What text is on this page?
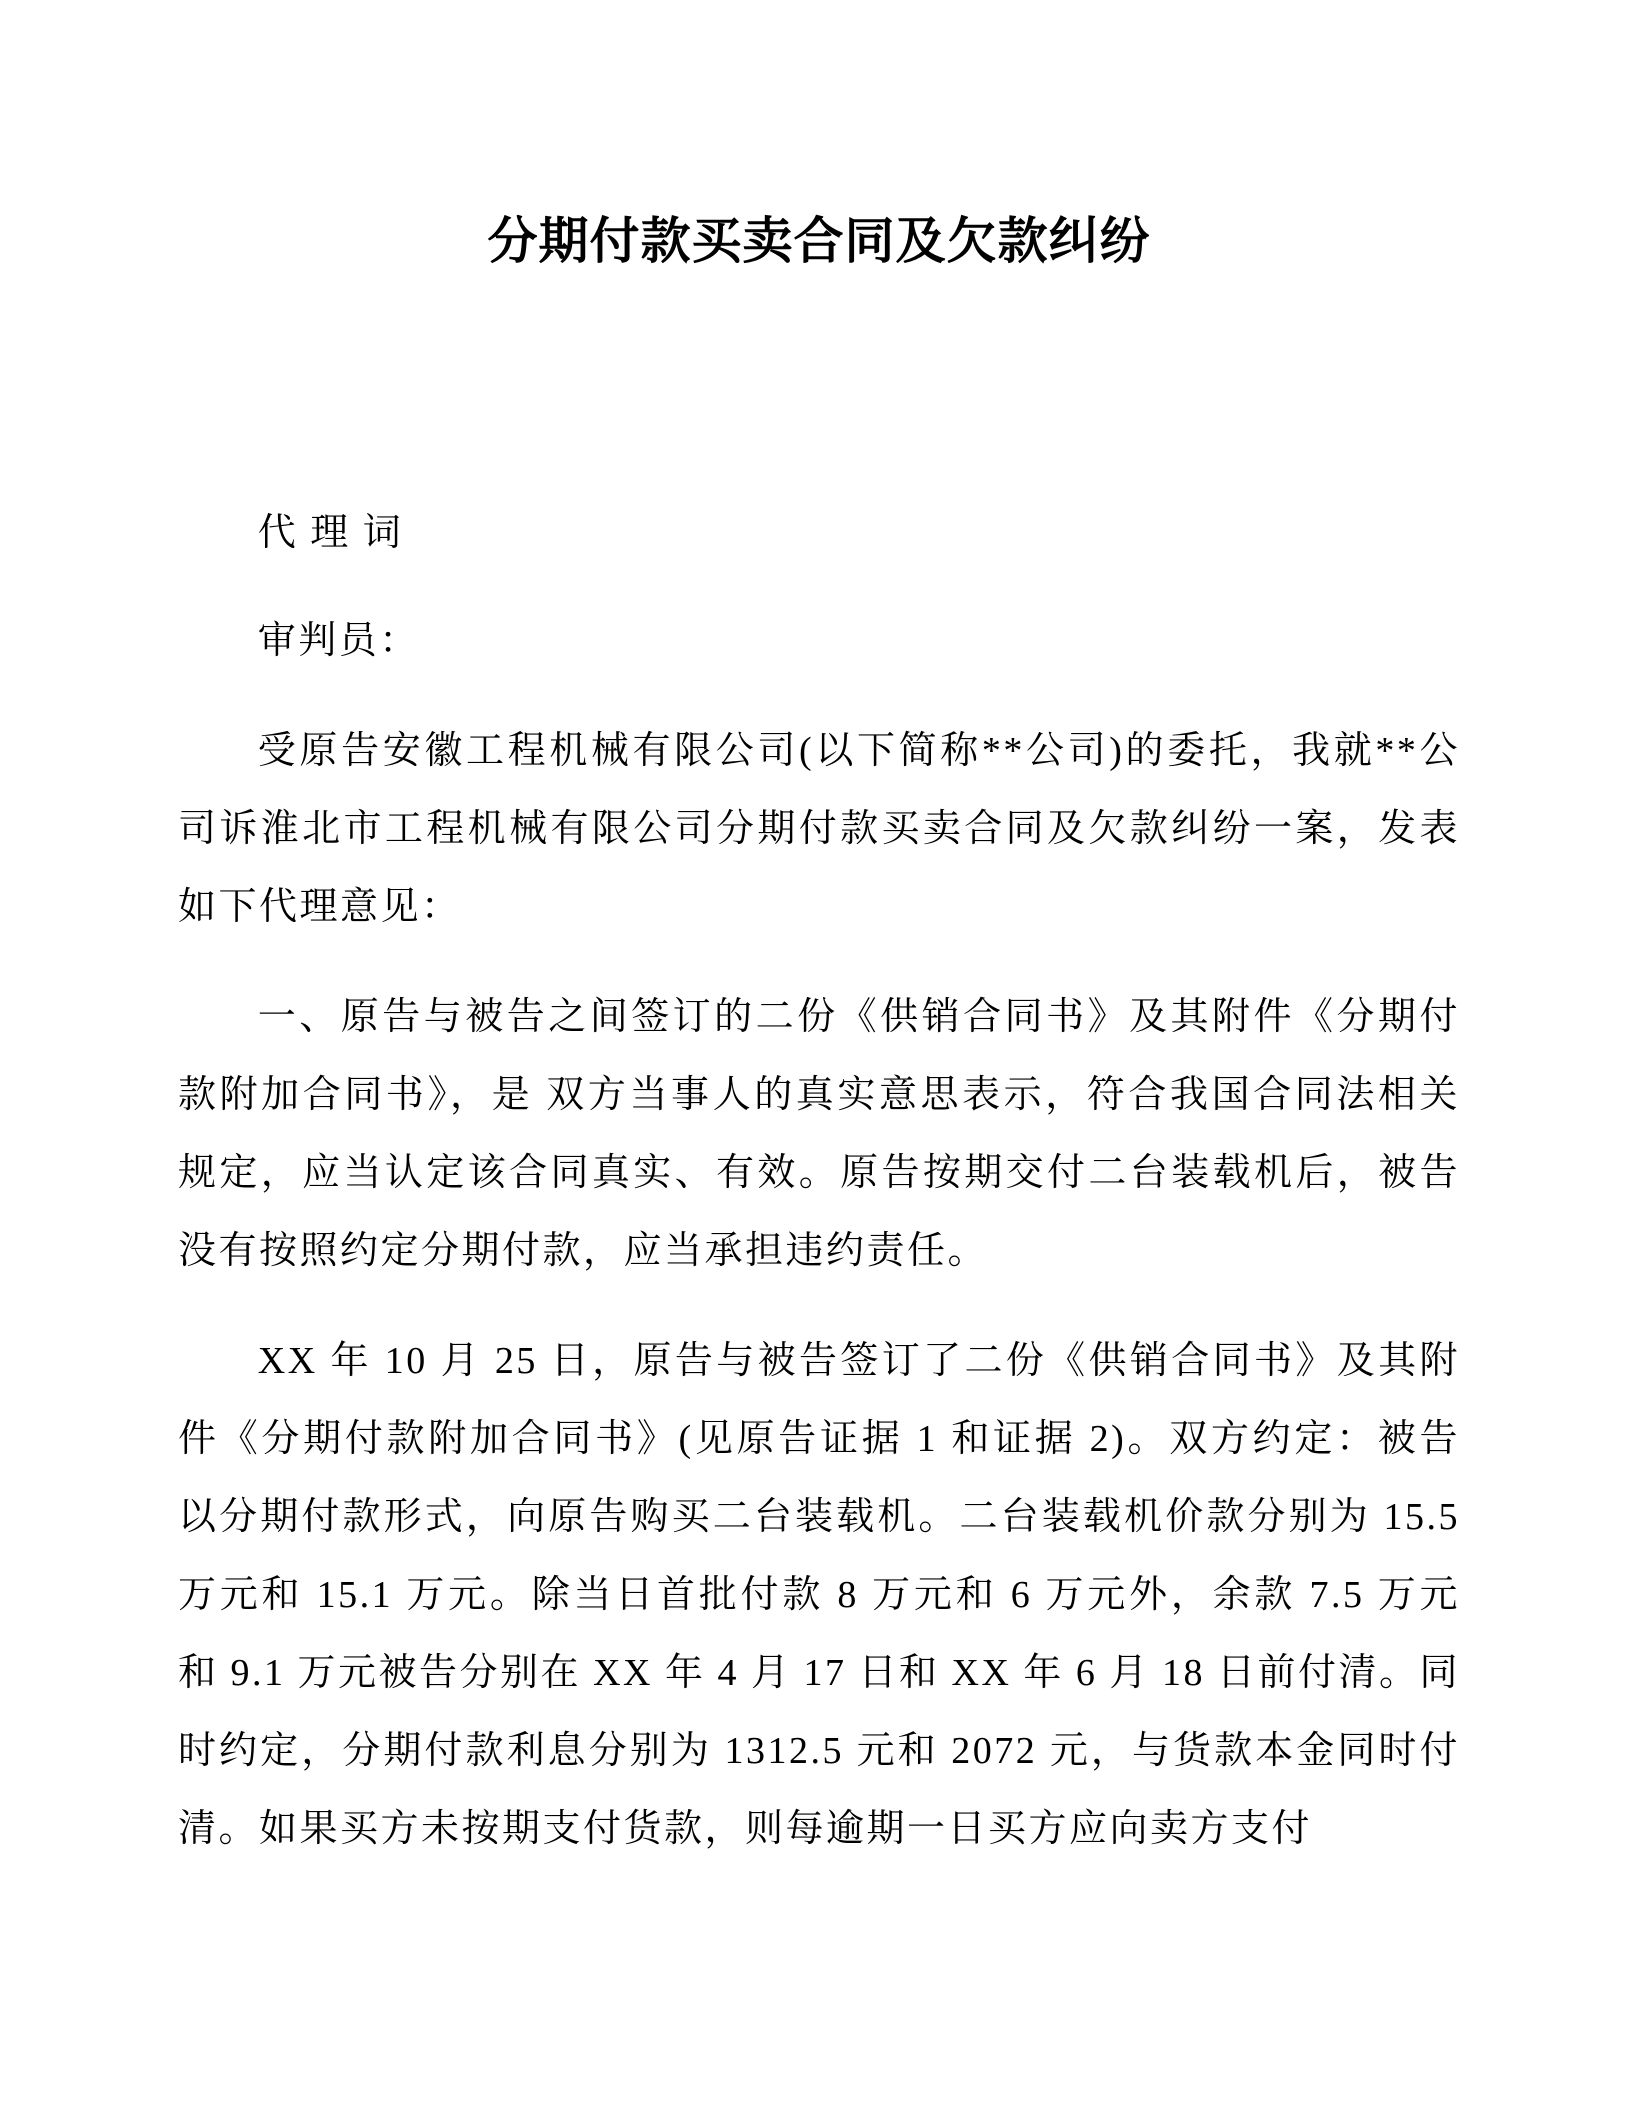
分期付款买卖合同及欠款纠纷

代 理 词

审判员：

受原告安徽工程机械有限公司(以下简称**公司)的委托，我就**公司诉淮北市工程机械有限公司分期付款买卖合同及欠款纠纷一案，发表如下代理意见：

一、原告与被告之间签订的二份《供销合同书》及其附件《分期付款附加合同书》，是 双方当事人的真实意思表示，符合我国合同法相关规定，应当认定该合同真实、有效。原告按期交付二台装载机后，被告没有按照约定分期付款，应当承担违约责任。

XX 年 10 月 25 日，原告与被告签订了二份《供销合同书》及其附件《分期付款附加合同书》(见原告证据 1 和证据 2)。双方约定：被告以分期付款形式，向原告购买二台装载机。二台装载机价款分别为 15.5 万元和 15.1 万元。除当日首批付款 8 万元和 6 万元外，余款 7.5 万元和 9.1 万元被告分别在 XX 年 4 月 17 日和 XX 年 6 月 18 日前付清。同时约定，分期付款利息分别为 1312.5 元和 2072 元，与货款本金同时付清。如果买方未按期支付货款，则每逾期一日买方应向卖方支付
